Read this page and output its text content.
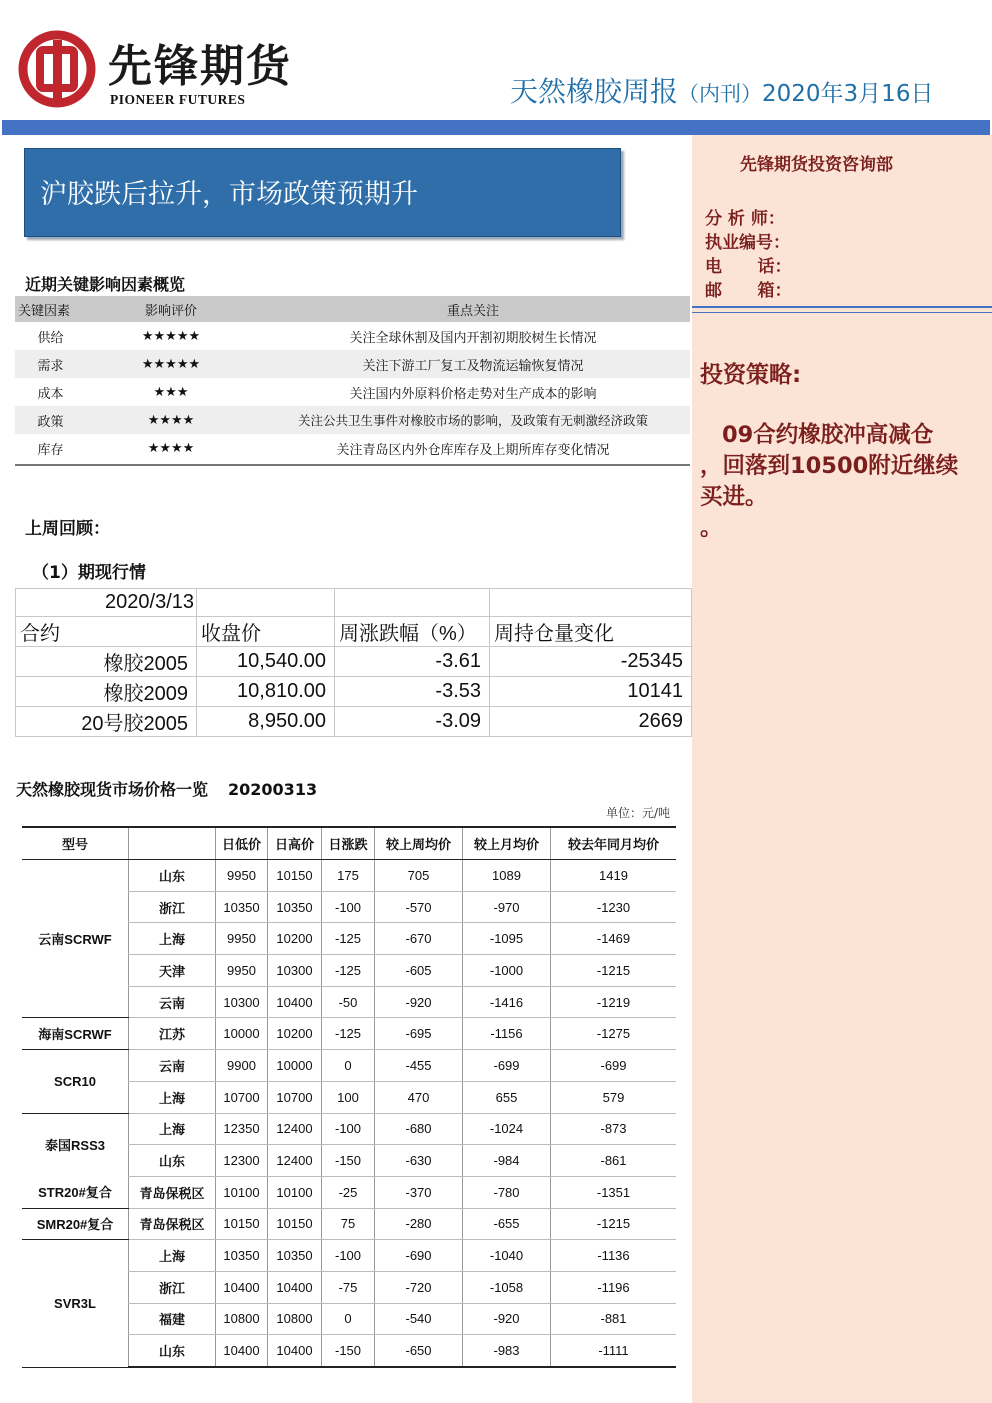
先锋期货
PIONEER FUTURES	天然橡胶周报（内刊）2020年3月16日
先锋期货投资咨询部
分 析 师：
执业编号：
电      话：
邮      箱：
投资策略:
09合约橡胶冲高减仓
，回落到10500附近继续
买进。
。
沪胶跌后拉升，市场政策预期升
近期关键影响因素概览
关键因素	影响评价	重点关注
供给	★★★★★	关注全球休割及国内开割初期胶树生长情况
需求	★★★★★	关注下游工厂复工及物流运输恢复情况
成本	★★★	关注国内外原料价格走势对生产成本的影响
政策	★★★★	关注公共卫生事件对橡胶市场的影响，及政策有无刺激经济政策
库存	★★★★	关注青岛区内外仓库库存及上期所库存变化情况
上周回顾：
（1）期现行情
2020/3/13			
合约	收盘价	周涨跌幅（%）	周持仓量变化
橡胶2005	10,540.00	-3.61	-25345
橡胶2009	10,810.00	-3.53	10141
20号胶2005	8,950.00	-3.09	2669
天然橡胶现货市场价格一览 20200313
单位：元/吨
型号		日低价	日高价	日涨跌	较上周均价	较上月均价	较去年同月均价
云南SCRWF	山东	9950	10150	175	705	1089	1419
	浙江	10350	10350	-100	-570	-970	-1230
	上海	9950	10200	-125	-670	-1095	-1469
	天津	9950	10300	-125	-605	-1000	-1215
	云南	10300	10400	-50	-920	-1416	-1219
海南SCRWF	江苏	10000	10200	-125	-695	-1156	-1275
SCR10	云南	9900	10000	0	-455	-699	-699
	上海	10700	10700	100	470	655	579
泰国RSS3	上海	12350	12400	-100	-680	-1024	-873
	山东	12300	12400	-150	-630	-984	-861
STR20#复合	青岛保税区	10100	10100	-25	-370	-780	-1351
SMR20#复合	青岛保税区	10150	10150	75	-280	-655	-1215
SVR3L	上海	10350	10350	-100	-690	-1040	-1136
	浙江	10400	10400	-75	-720	-1058	-1196
	福建	10800	10800	0	-540	-920	-881
	山东	10400	10400	-150	-650	-983	-1111
